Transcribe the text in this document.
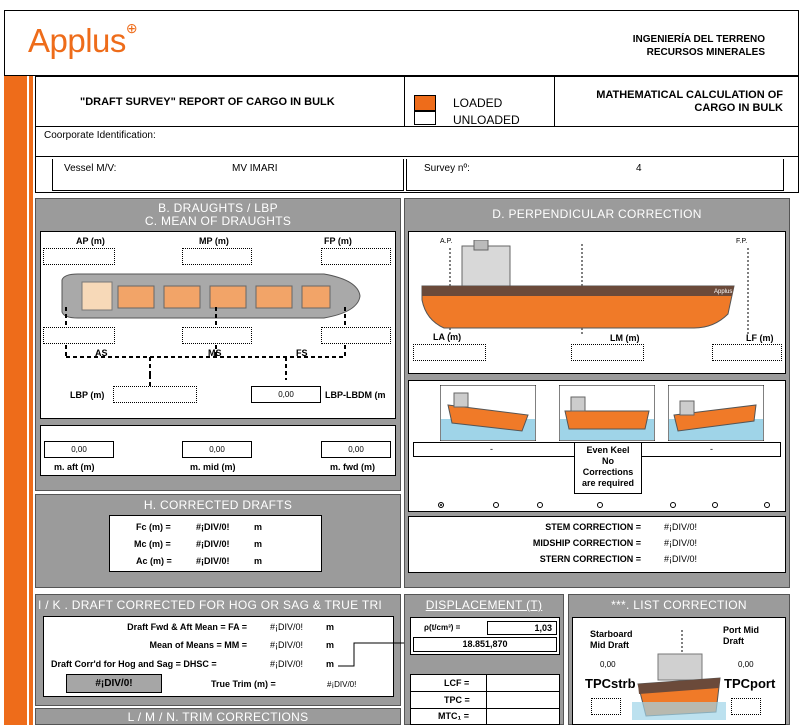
Applus⊕
INGENIERÍA DEL TERRENO
RECURSOS MINERALES
"DRAFT SURVEY" REPORT OF CARGO IN BULK	LOADED
UNLOADED
MATHEMATICAL CALCULATION OF
CARGO IN BULK
Coorporate Identification:
Vessel M/V:	MV IMARI	Survey nº:	4
B. DRAUGHTS / LBP
C. MEAN OF DRAUGHTS
AP (m)	MP (m)	FP (m)
AS	MS	FS
LBP (m)	0,00	LBP-LBDM (m
0,00	0,00	0,00
m. aft (m)	m. mid (m)	m. fwd (m)
D. PERPENDICULAR CORRECTION
A.P.	F.P.
Applus
LA (m)	LM (m)	LF (m)
-	-
Even Keel
No
Corrections
are required
STEM CORRECTION =	#¡DIV/0!
MIDSHIP CORRECTION =	#¡DIV/0!
STERN CORRECTION =	#¡DIV/0!
H. CORRECTED DRAFTS
Fc (m) =	#¡DIV/0!	m
Mc (m) =	#¡DIV/0!	m
Ac (m) =	#¡DIV/0!	m
I / K . DRAFT CORRECTED FOR HOG OR SAG & TRUE TRI
Draft Fwd & Aft Mean = FA =	#¡DIV/0!	m
Mean of Means = MM =	#¡DIV/0!	m
Draft Corr'd for Hog and Sag = DHSC =	#¡DIV/0!	m
#¡DIV/0!	True Trim (m) =	#¡DIV/0!
DISPLACEMENT (T)
ρ(t/cm³) =	1,03
18.851,870
LCF =
TPC =
MTC₁ =
***. LIST CORRECTION
Starboard
Mid Draft
Port Mid
Draft
0,00	0,00
TPCstrb	TPCport
L / M / N. TRIM CORRECTIONS
